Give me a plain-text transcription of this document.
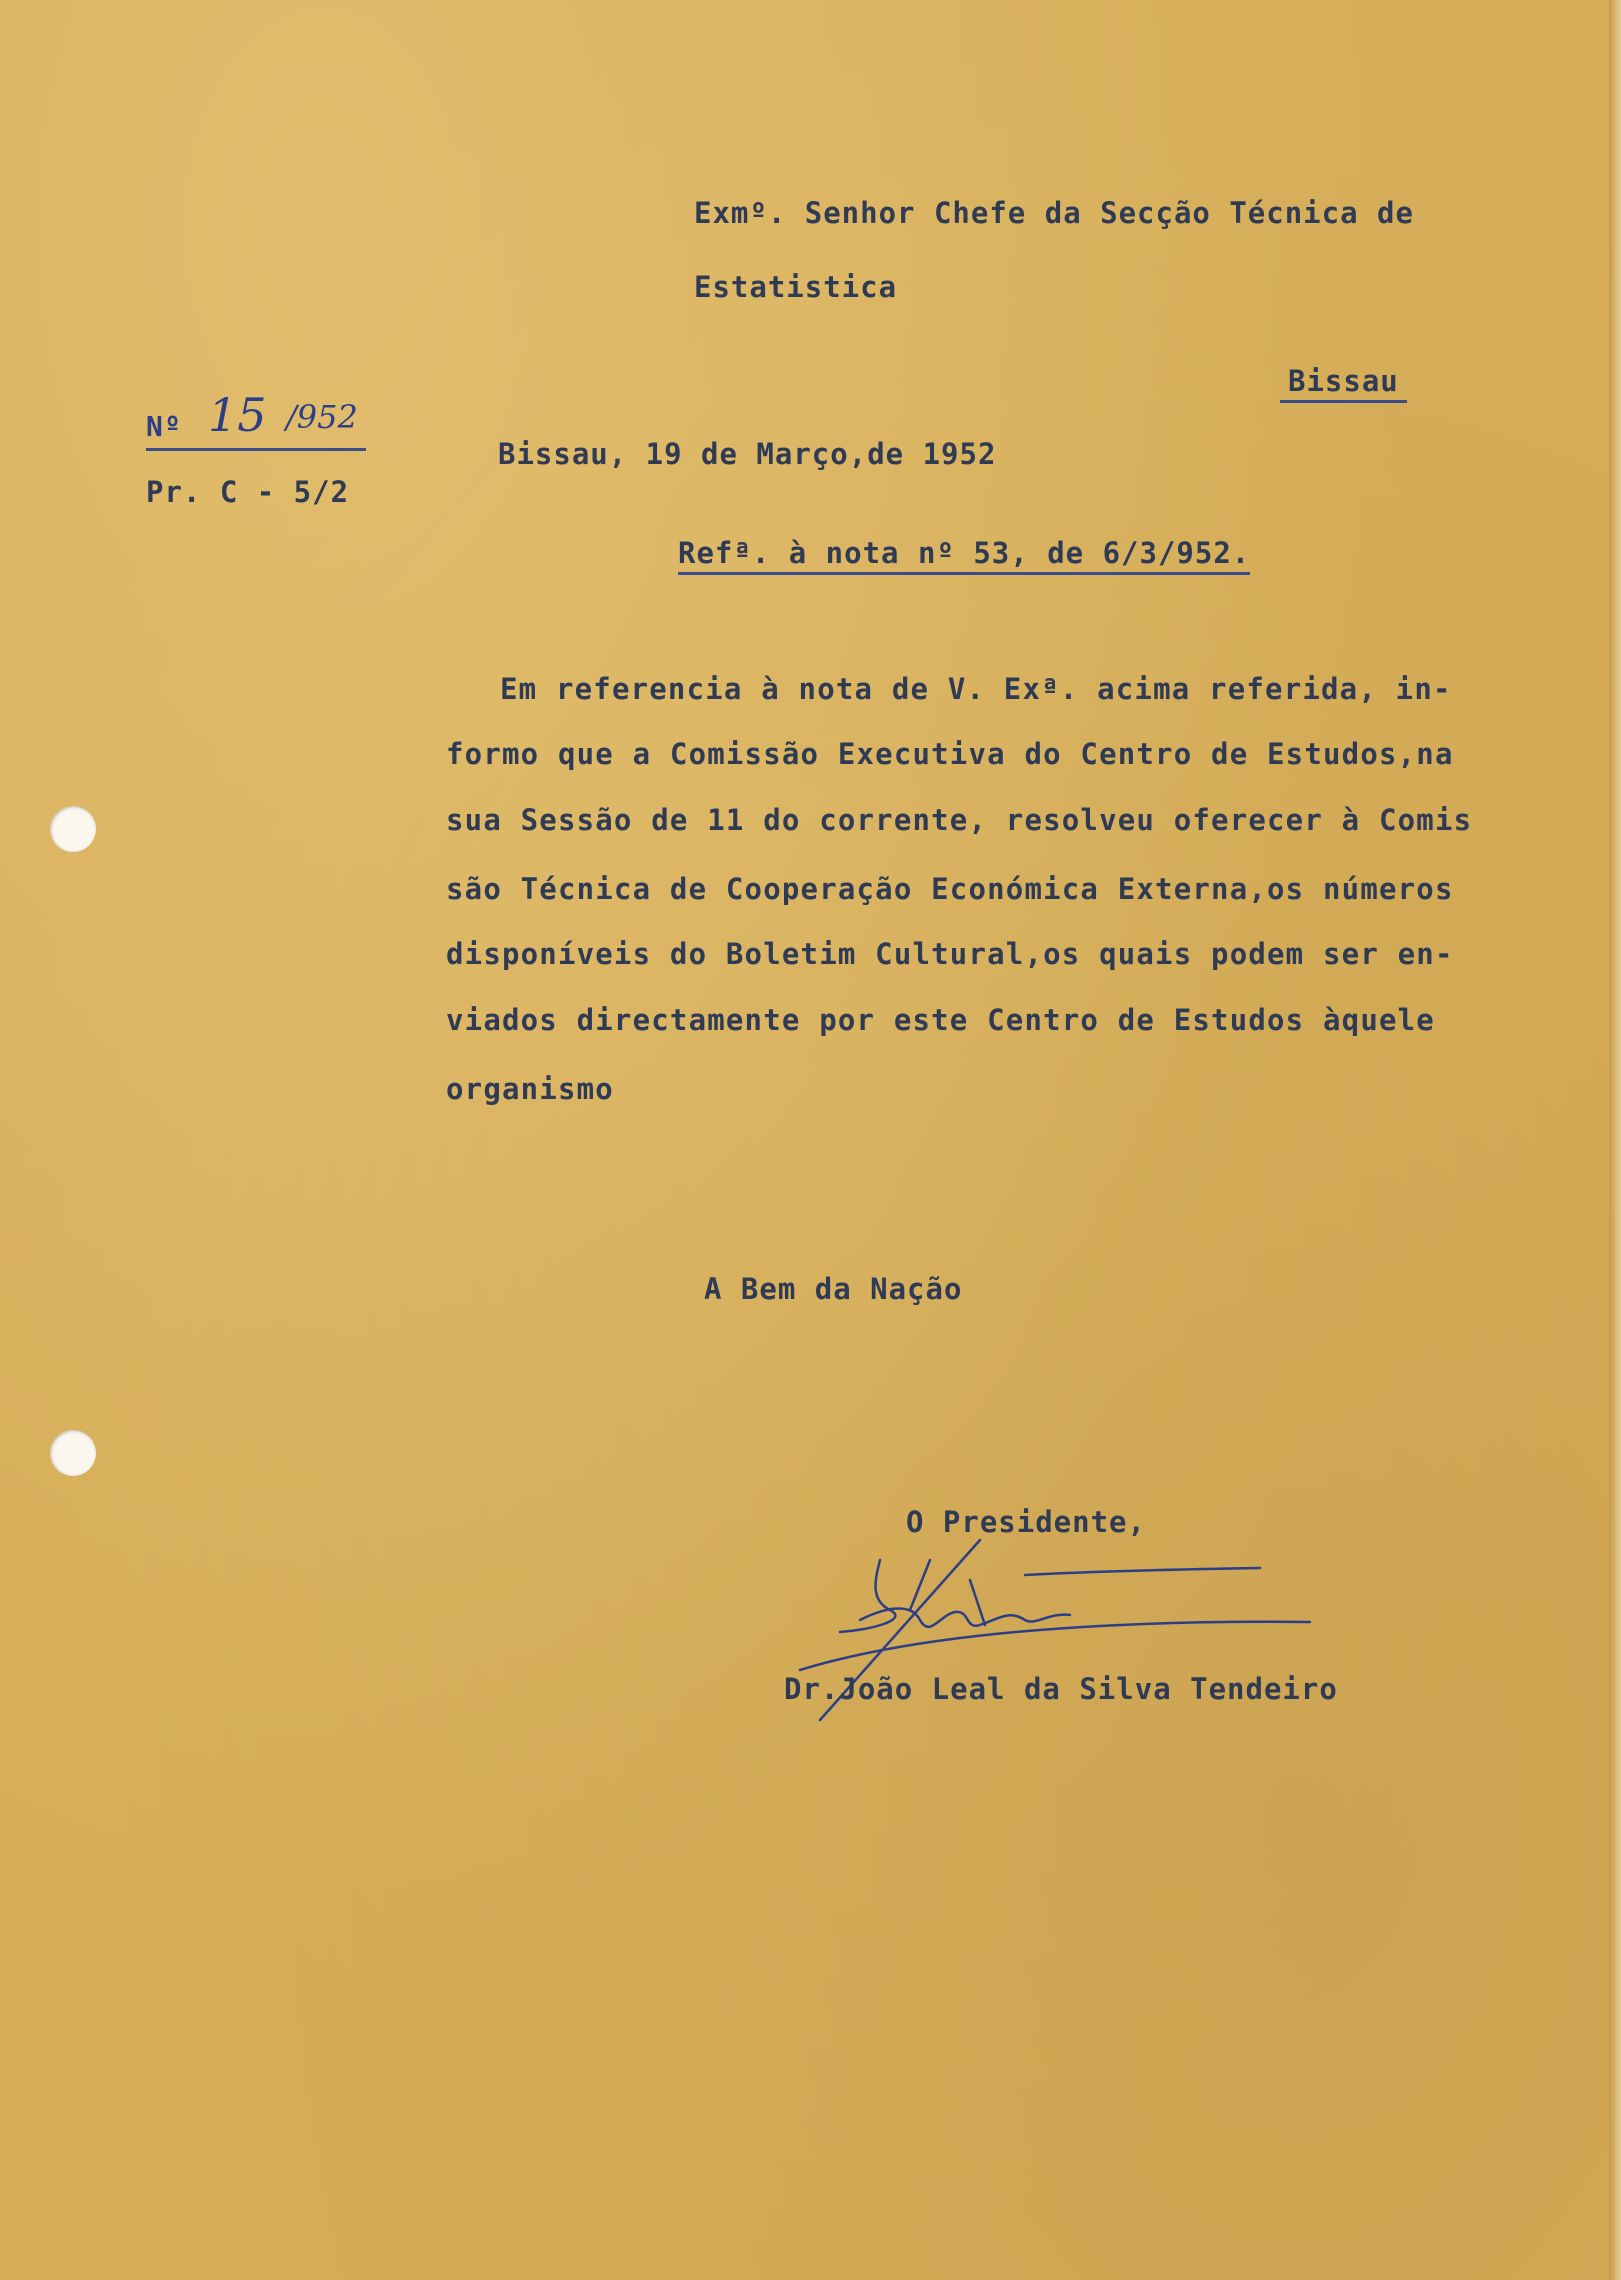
Exmº. Senhor Chefe da Secção Técnica de
Estatistica
Bissau
Nº 15 /952
Pr. C - 5/2
Bissau, 19 de Março,de 1952
Refª. à nota nº 53, de 6/3/952.
Em referencia à nota de V. Exª. acima referida, in-
formo que a Comissão Executiva do Centro de Estudos,na
sua Sessão de 11 do corrente, resolveu oferecer à Comis
são Técnica de Cooperação Económica Externa,os números
disponíveis do Boletim Cultural,os quais podem ser en-
viados directamente por este Centro de Estudos àquele
organismo
A Bem da Nação
O Presidente,
Dr.João Leal da Silva Tendeiro
